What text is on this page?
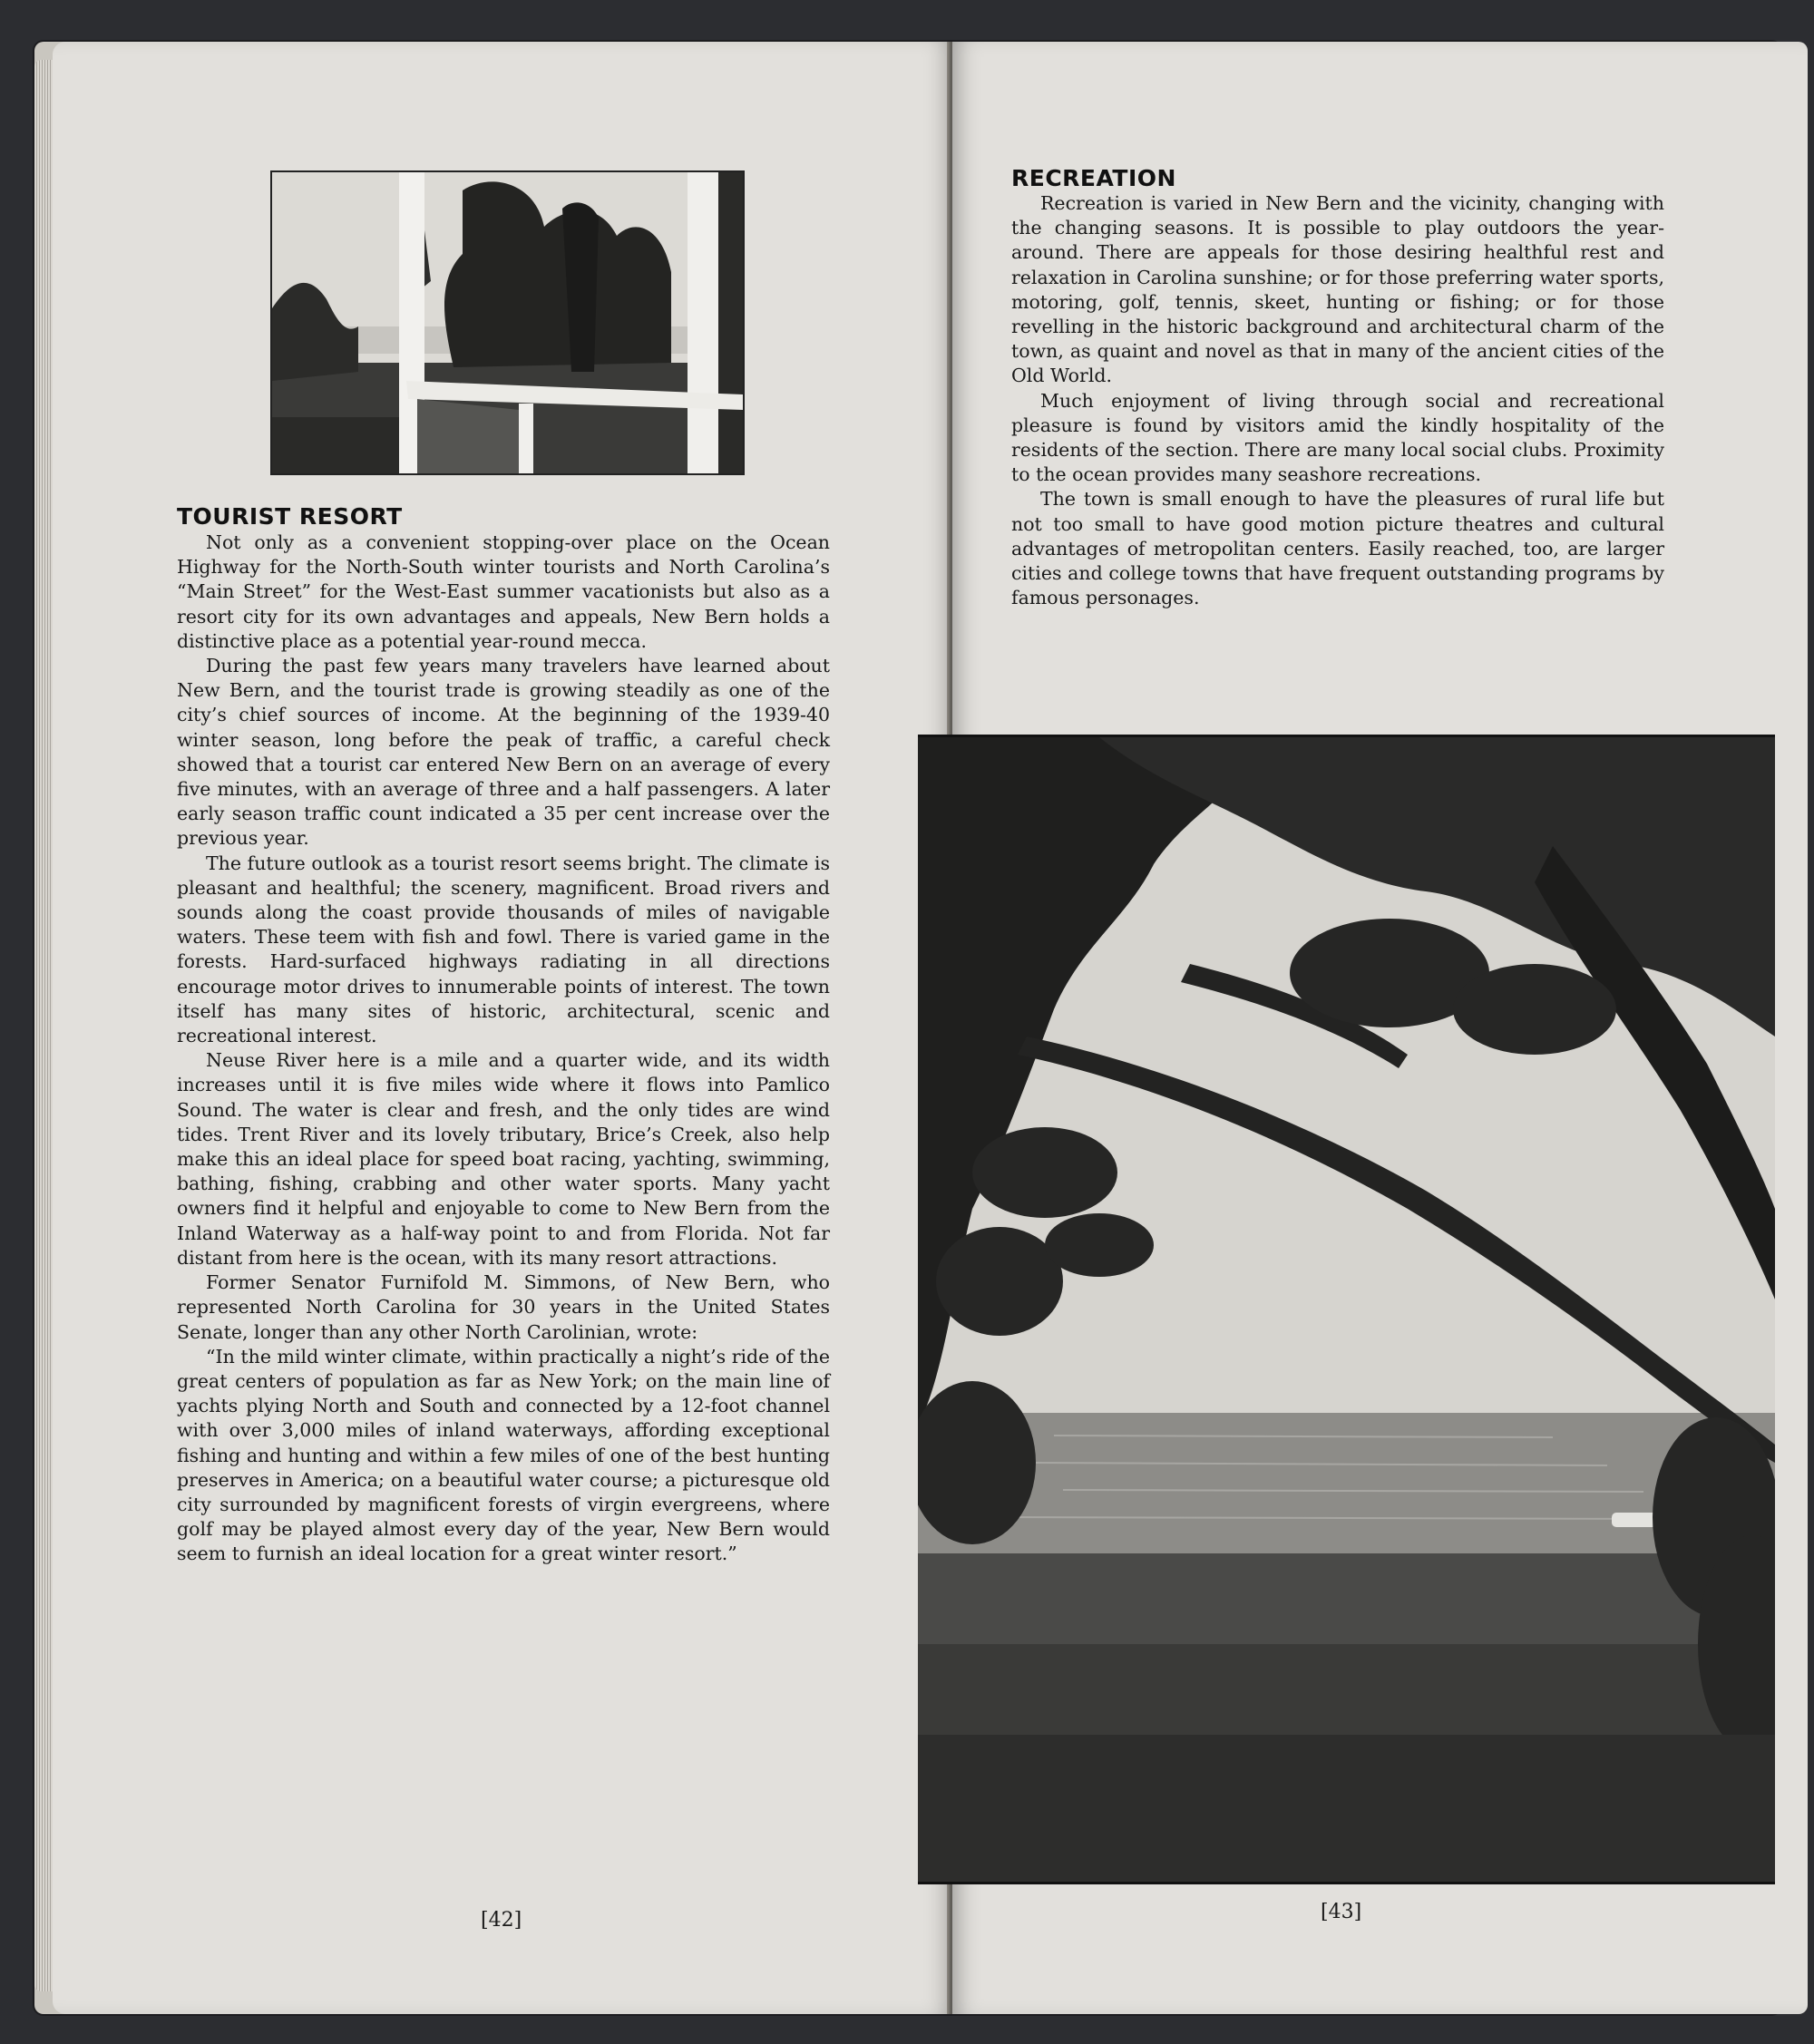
TOURIST RESORT

Not only as a convenient stopping-over place on the Ocean Highway for the North-South winter tourists and North Carolina’s “Main Street” for the West-East summer vacationists but also as a resort city for its own advantages and appeals, New Bern holds a distinctive place as a potential year-round mecca.

During the past few years many travelers have learned about New Bern, and the tourist trade is growing steadily as one of the city’s chief sources of income. At the beginning of the 1939-40 winter season, long before the peak of traffic, a careful check showed that a tourist car entered New Bern on an average of every five minutes, with an average of three and a half passengers. A later early season traffic count indicated a 35 per cent increase over the previous year.

The future outlook as a tourist resort seems bright. The climate is pleasant and healthful; the scenery, magnificent. Broad rivers and sounds along the coast provide thousands of miles of navigable waters. These teem with fish and fowl. There is varied game in the forests. Hard-surfaced highways radiating in all directions encourage motor drives to innumerable points of interest. The town itself has many sites of historic, architectural, scenic and recreational interest.

Neuse River here is a mile and a quarter wide, and its width increases until it is five miles wide where it flows into Pamlico Sound. The water is clear and fresh, and the only tides are wind tides. Trent River and its lovely tributary, Brice’s Creek, also help make this an ideal place for speed boat racing, yachting, swimming, bathing, fishing, crabbing and other water sports. Many yacht owners find it helpful and enjoyable to come to New Bern from the Inland Waterway as a half-way point to and from Florida. Not far distant from here is the ocean, with its many resort attractions.

Former Senator Furnifold M. Simmons, of New Bern, who represented North Carolina for 30 years in the United States Senate, longer than any other North Carolinian, wrote:

“In the mild winter climate, within practically a night’s ride of the great centers of population as far as New York; on the main line of yachts plying North and South and connected by a 12-foot channel with over 3,000 miles of inland waterways, affording exceptional fishing and hunting and within a few miles of one of the best hunting preserves in America; on a beautiful water course; a picturesque old city surrounded by magnificent forests of virgin evergreens, where golf may be played almost every day of the year, New Bern would seem to furnish an ideal location for a great winter resort.”

[42]
RECREATION

Recreation is varied in New Bern and the vicinity, changing with the changing seasons. It is possible to play outdoors the year-around. There are appeals for those desiring healthful rest and relaxation in Carolina sunshine; or for those preferring water sports, motoring, golf, tennis, skeet, hunting or fishing; or for those revelling in the historic background and architectural charm of the town, as quaint and novel as that in many of the ancient cities of the Old World.

Much enjoyment of living through social and recreational pleasure is found by visitors amid the kindly hospitality of the residents of the section. There are many local social clubs. Proximity to the ocean provides many seashore recreations.

The town is small enough to have the pleasures of rural life but not too small to have good motion picture theatres and cultural advantages of metropolitan centers. Easily reached, too, are larger cities and college towns that have frequent outstanding programs by famous personages.

[43]
